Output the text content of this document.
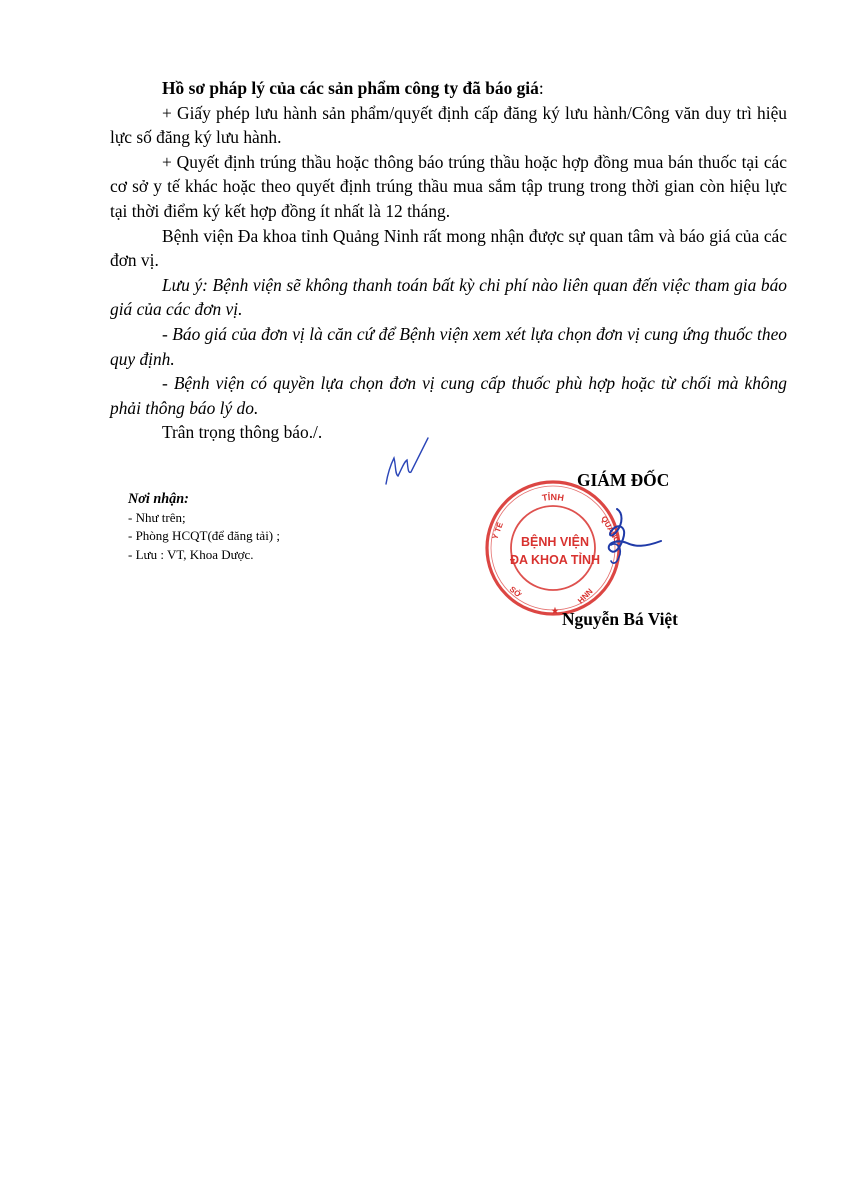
Hồ sơ pháp lý của các sản phẩm công ty đã báo giá:

+ Giấy phép lưu hành sản phẩm/quyết định cấp đăng ký lưu hành/Công văn duy trì hiệu lực số đăng ký lưu hành.

+ Quyết định trúng thầu hoặc thông báo trúng thầu hoặc hợp đồng mua bán thuốc tại các cơ sở y tế khác hoặc theo quyết định trúng thầu mua sắm tập trung trong thời gian còn hiệu lực tại thời điểm ký kết hợp đồng ít nhất là 12 tháng.

Bệnh viện Đa khoa tỉnh Quảng Ninh rất mong nhận được sự quan tâm và báo giá của các đơn vị.

Lưu ý: Bệnh viện sẽ không thanh toán bất kỳ chi phí nào liên quan đến việc tham gia báo giá của các đơn vị.

- Báo giá của đơn vị là căn cứ để Bệnh viện xem xét lựa chọn đơn vị cung ứng thuốc theo quy định.

- Bệnh viện có quyền lựa chọn đơn vị cung cấp thuốc phù hợp hoặc từ chối mà không phải thông báo lý do.

Trân trọng thông báo./.

Nơi nhận:
- Như trên;
- Phòng HCQT(để đăng tải) ;
- Lưu : VT, Khoa Dược.
TỈNH
Y TẾ	QUẢNG
SỞ	HNN
BỆNH VIỆN
ĐA KHOA TỈNH
★
GIÁM ĐỐC
Nguyễn Bá Việt
